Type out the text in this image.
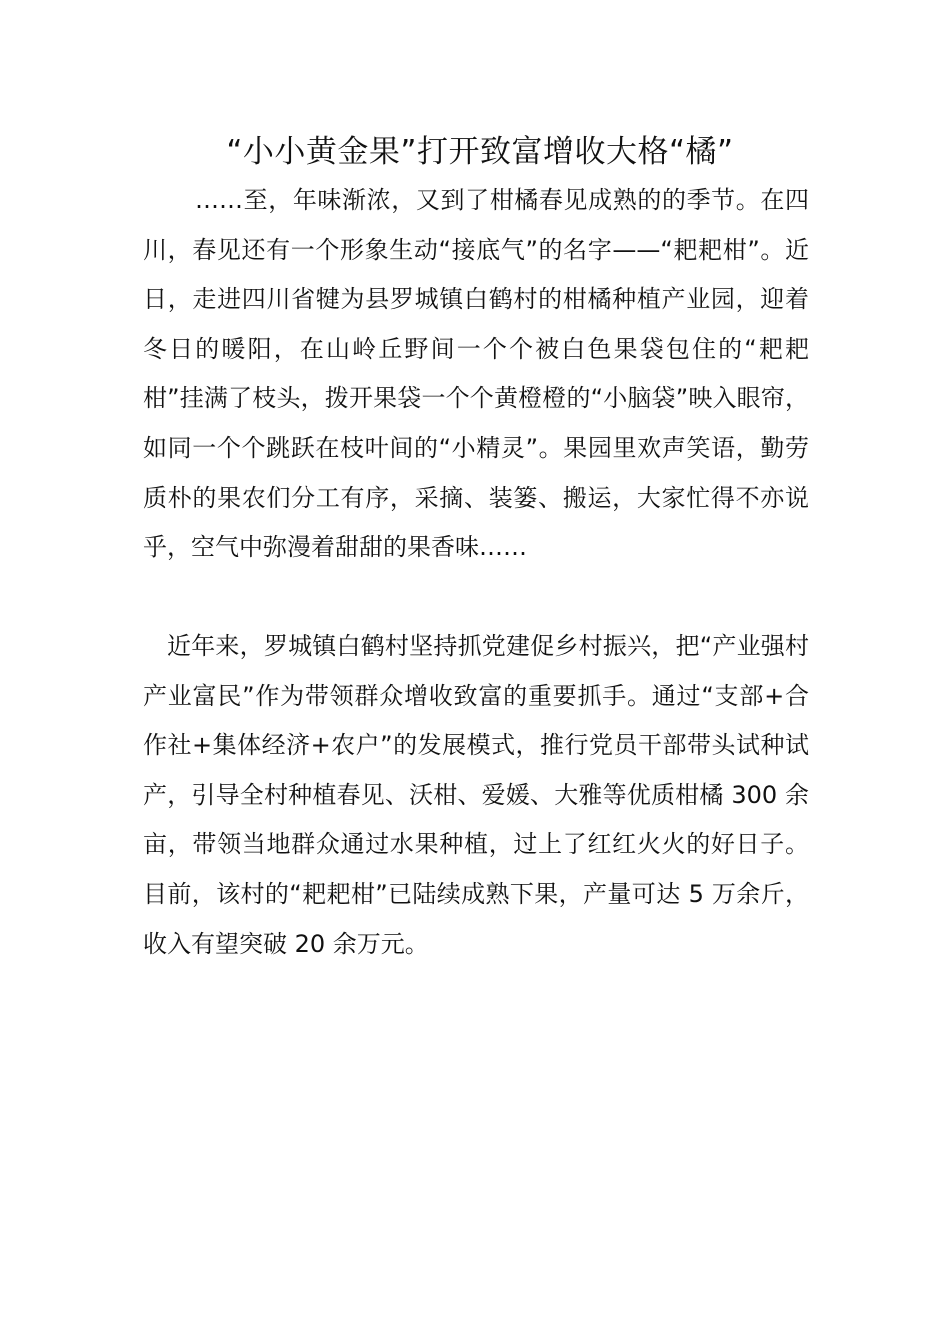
“小小黄金果”打开致富增收大格“橘”

……至，年味渐浓，又到了柑橘春见成熟的的季节。在四川，春见还有一个形象生动“接底气”的名字——“耙耙柑”。近日，走进四川省犍为县罗城镇白鹤村的柑橘种植产业园，迎着冬日的暖阳，在山岭丘野间一个个被白色果袋包住的“耙耙柑”挂满了枝头，拨开果袋一个个黄橙橙的“小脑袋”映入眼帘，如同一个个跳跃在枝叶间的“小精灵”。果园里欢声笑语，勤劳质朴的果农们分工有序，采摘、装篓、搬运，大家忙得不亦说乎，空气中弥漫着甜甜的果香味……

近年来，罗城镇白鹤村坚持抓党建促乡村振兴，把“产业强村 产业富民”作为带领群众增收致富的重要抓手。通过“支部+合作社+集体经济+农户”的发展模式，推行党员干部带头试种试产，引导全村种植春见、沃柑、爱媛、大雅等优质柑橘 300 余亩，带领当地群众通过水果种植，过上了红红火火的好日子。目前，该村的“耙耙柑”已陆续成熟下果，产量可达 5 万余斤，收入有望突破 20 余万元。
